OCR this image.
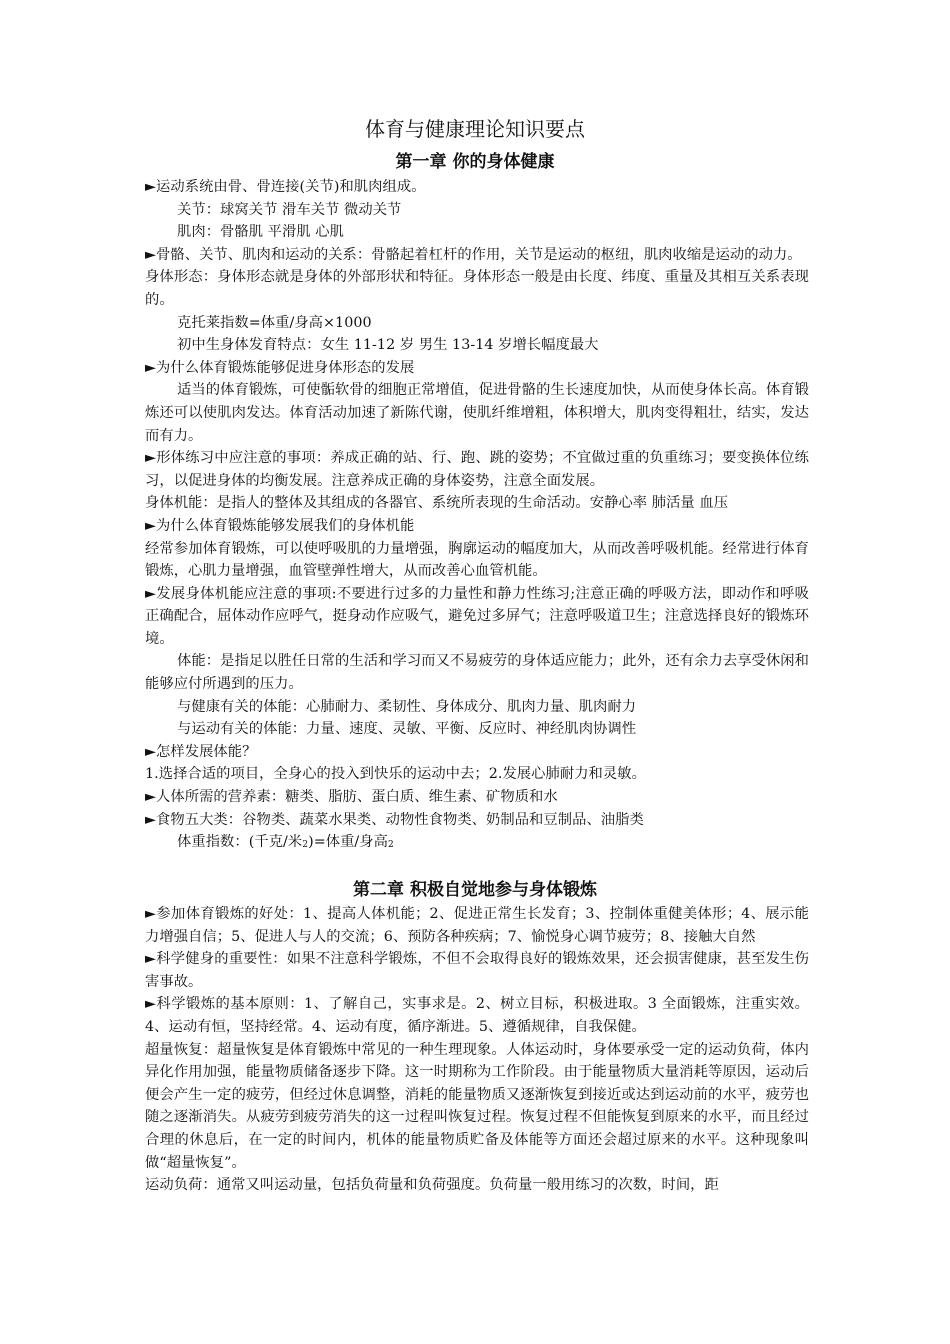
体育与健康理论知识要点
第一章 你的身体健康

►运动系统由骨、骨连接(关节)和肌肉组成。

关节：球窝关节 滑车关节 微动关节

肌肉：骨骼肌 平滑肌 心肌

►骨骼、关节、肌肉和运动的关系：骨骼起着杠杆的作用，关节是运动的枢纽，肌肉收缩是运动的动力。

身体形态：身体形态就是身体的外部形状和特征。身体形态一般是由长度、纬度、重量及其相互关系表现的。

克托莱指数=体重/身高×1000

初中生身体发育特点：女生 11-12 岁 男生 13-14 岁增长幅度最大

►为什么体育锻炼能够促进身体形态的发展

适当的体育锻炼，可使骺软骨的细胞正常增值，促进骨骼的生长速度加快，从而使身体长高。体育锻炼还可以使肌肉发达。体育活动加速了新陈代谢，使肌纤维增粗，体积增大，肌肉变得粗壮，结实，发达而有力。

►形体练习中应注意的事项：养成正确的站、行、跑、跳的姿势；不宜做过重的负重练习；要变换体位练习，以促进身体的均衡发展。注意养成正确的身体姿势，注意全面发展。

身体机能：是指人的整体及其组成的各器官、系统所表现的生命活动。安静心率 肺活量 血压

►为什么体育锻炼能够发展我们的身体机能

经常参加体育锻炼，可以使呼吸肌的力量增强，胸廓运动的幅度加大，从而改善呼吸机能。经常进行体育锻炼，心肌力量增强，血管壁弹性增大，从而改善心血管机能。

►发展身体机能应注意的事项:不要进行过多的力量性和静力性练习;注意正确的呼吸方法，即动作和呼吸正确配合，屈体动作应呼气，挺身动作应吸气，避免过多屏气；注意呼吸道卫生；注意选择良好的锻炼环境。

体能：是指足以胜任日常的生活和学习而又不易疲劳的身体适应能力；此外，还有余力去享受休闲和能够应付所遇到的压力。

与健康有关的体能：心肺耐力、柔韧性、身体成分、肌肉力量、肌肉耐力

与运动有关的体能：力量、速度、灵敏、平衡、反应时、神经肌肉协调性

►怎样发展体能？

1.选择合适的项目，全身心的投入到快乐的运动中去；2.发展心肺耐力和灵敏。

►人体所需的营养素：糖类、脂肪、蛋白质、维生素、矿物质和水

►食物五大类：谷物类、蔬菜水果类、动物性食物类、奶制品和豆制品、油脂类

体重指数：(千克/米$_2$)=体重/身高$_2$

第二章 积极自觉地参与身体锻炼

►参加体育锻炼的好处：1、提高人体机能；2、促进正常生长发育；3、控制体重健美体形；4、展示能力增强自信；5、促进人与人的交流；6、预防各种疾病；7、愉悦身心调节疲劳；8、接触大自然

►科学健身的重要性：如果不注意科学锻炼，不但不会取得良好的锻炼效果，还会损害健康，甚至发生伤害事故。

►科学锻炼的基本原则：1、了解自己，实事求是。2、树立目标，积极进取。3 全面锻炼，注重实效。4、运动有恒，坚持经常。4、运动有度，循序渐进。5、遵循规律，自我保健。

超量恢复：超量恢复是体育锻炼中常见的一种生理现象。人体运动时，身体要承受一定的运动负荷，体内异化作用加强，能量物质储备逐步下降。这一时期称为工作阶段。由于能量物质大量消耗等原因，运动后便会产生一定的疲劳，但经过休息调整，消耗的能量物质又逐渐恢复到接近或达到运动前的水平，疲劳也随之逐渐消失。从疲劳到疲劳消失的这一过程叫恢复过程。恢复过程不但能恢复到原来的水平，而且经过合理的休息后，在一定的时间内，机体的能量物质贮备及体能等方面还会超过原来的水平。这种现象叫做“超量恢复”。

运动负荷：通常又叫运动量，包括负荷量和负荷强度。负荷量一般用练习的次数，时间，距
